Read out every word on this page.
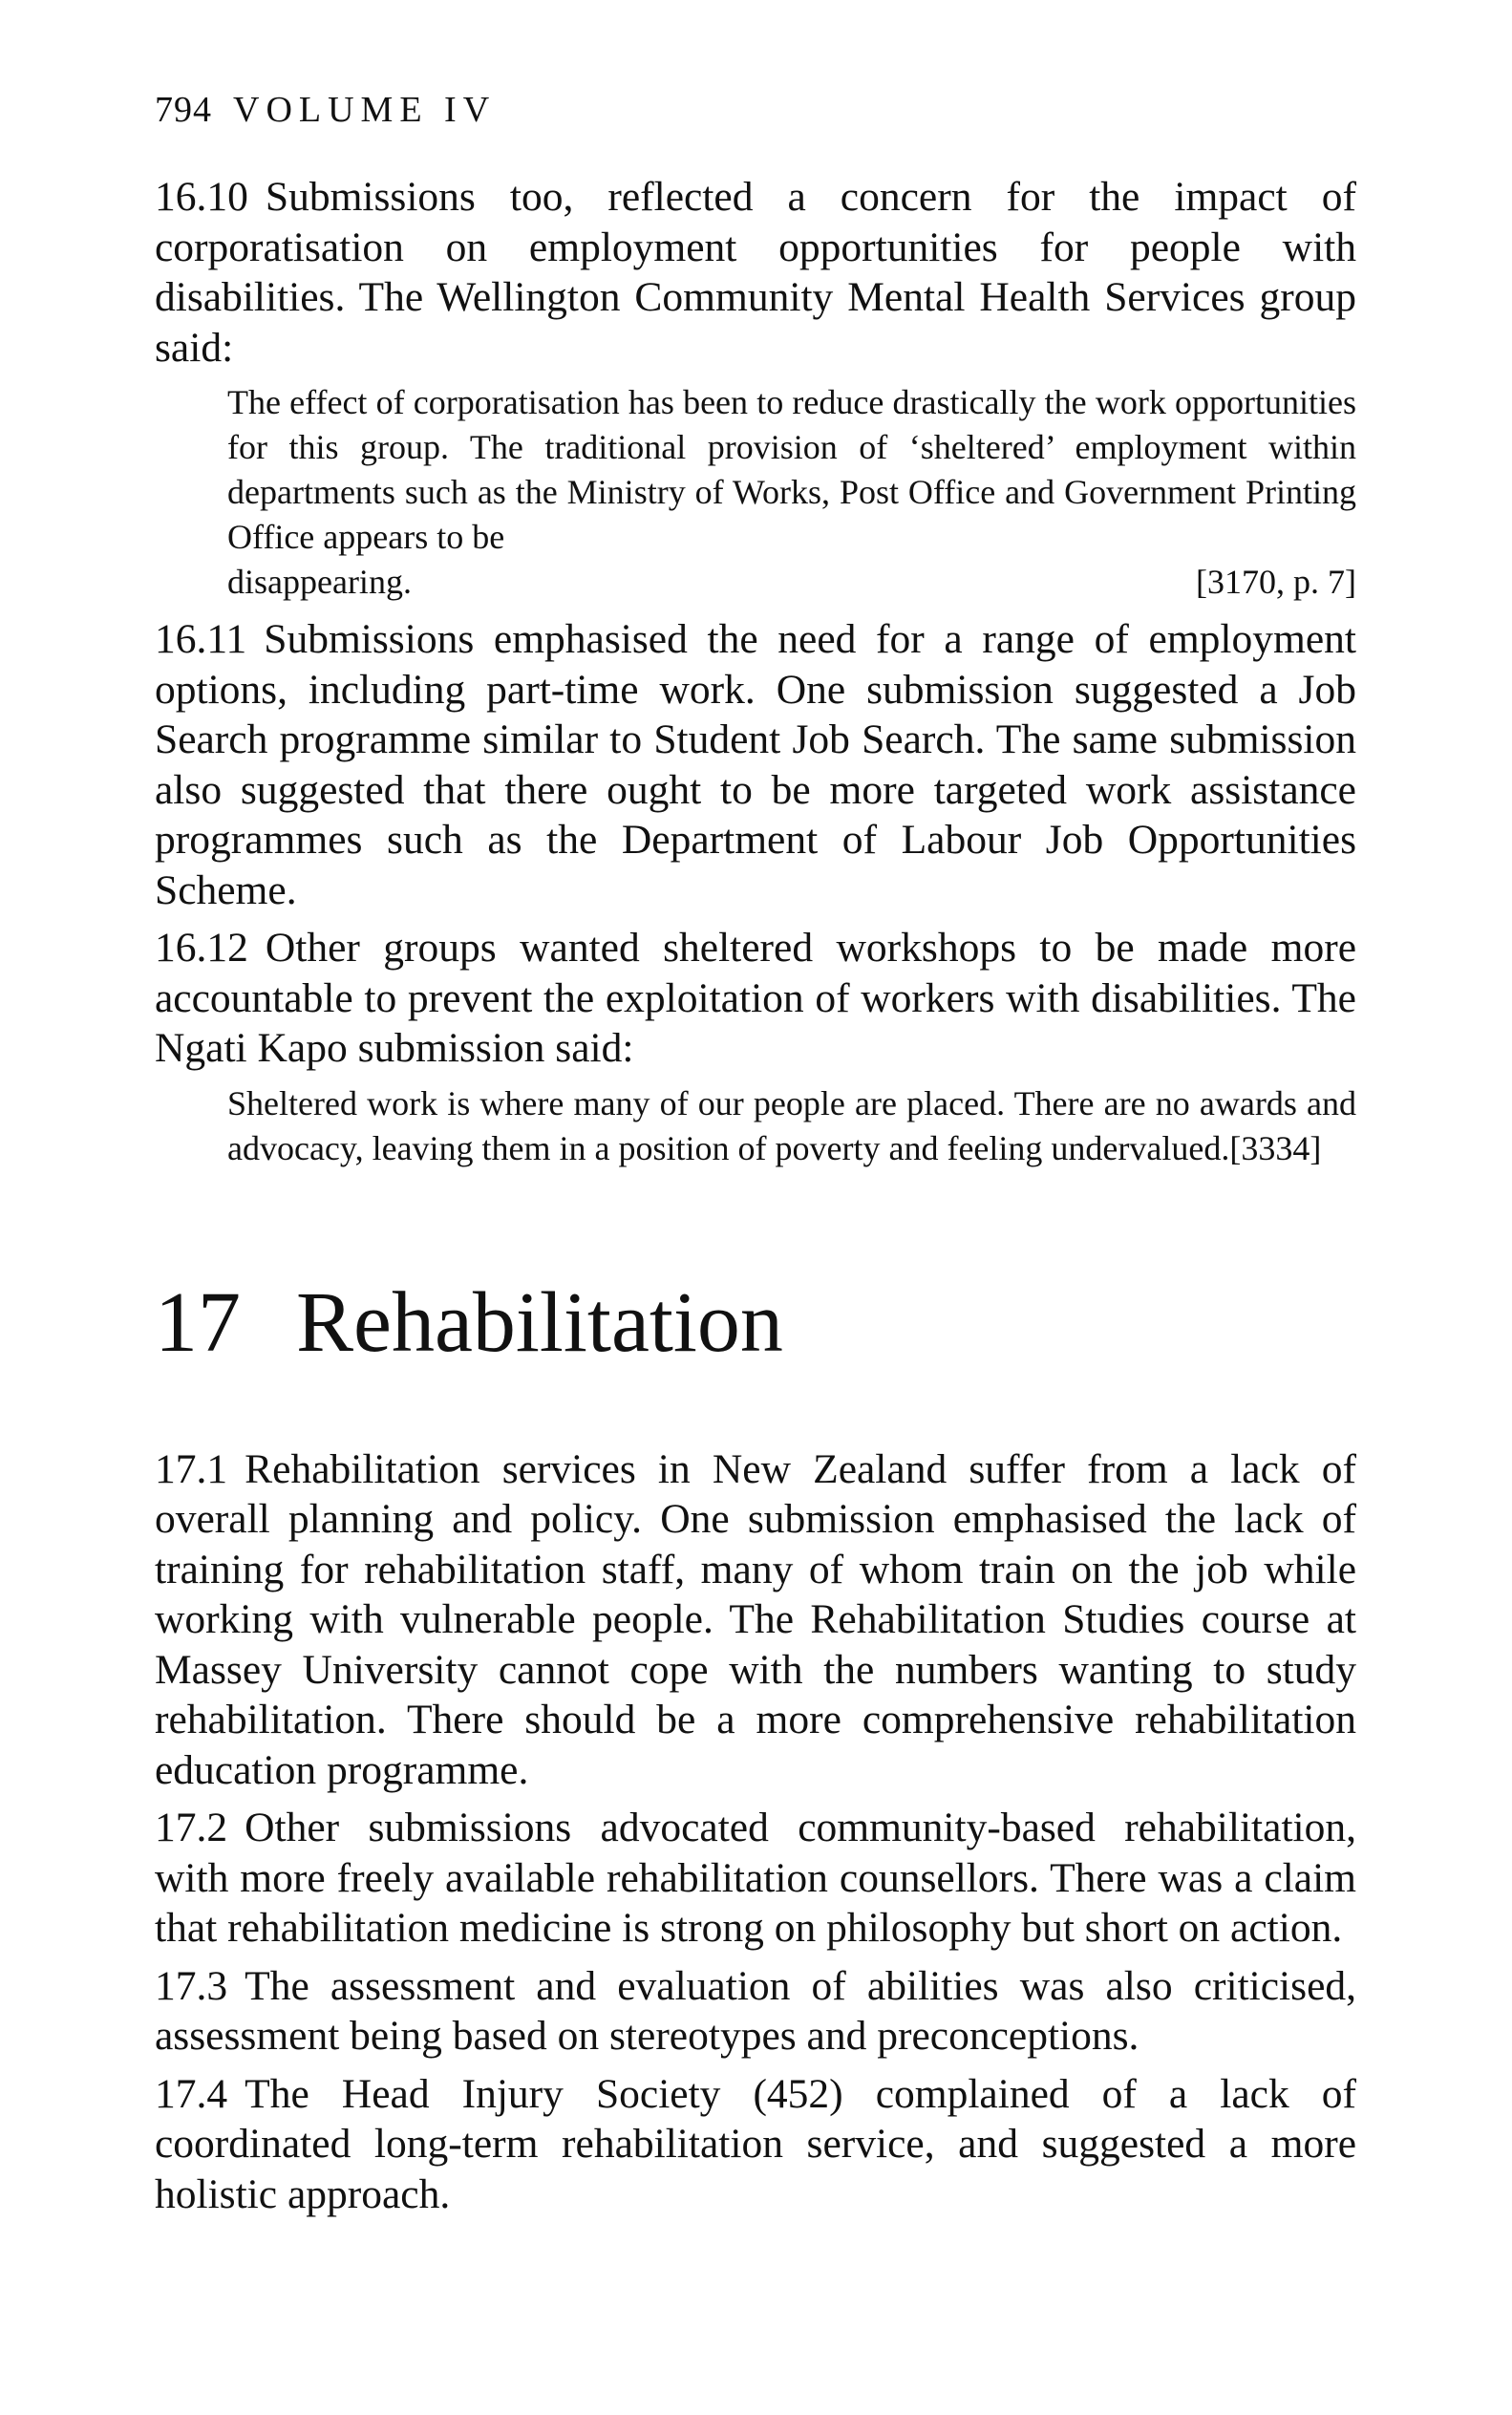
794 VOLUME IV
16.10 Submissions too, reflected a concern for the impact of corporatisation on employment opportunities for people with disabilities. The Wellington Community Mental Health Services group said:
The effect of corporatisation has been to reduce drastically the work opportunities for this group. The traditional provision of ‘sheltered’ employment within departments such as the Ministry of Works, Post Office and Government Printing Office appears to be
disappearing.	[3170, p. 7]
16.11 Submissions emphasised the need for a range of employment options, including part-time work. One submission suggested a Job Search programme similar to Student Job Search. The same submission also suggested that there ought to be more targeted work assistance programmes such as the Department of Labour Job Opportunities Scheme.
16.12 Other groups wanted sheltered workshops to be made more accountable to prevent the exploitation of workers with disabilities. The Ngati Kapo submission said:
Sheltered work is where many of our people are placed. There are no awards and advocacy, leaving them in a position of poverty and feeling undervalued.[3334]
17 Rehabilitation
17.1 Rehabilitation services in New Zealand suffer from a lack of overall planning and policy. One submission emphasised the lack of training for rehabilitation staff, many of whom train on the job while working with vulnerable people. The Rehabilitation Studies course at Massey University cannot cope with the numbers wanting to study rehabilitation. There should be a more comprehensive rehabilitation education programme.
17.2 Other submissions advocated community-based rehabilitation, with more freely available rehabilitation counsellors. There was a claim that rehabilitation medicine is strong on philosophy but short on action.
17.3 The assessment and evaluation of abilities was also criticised, assessment being based on stereotypes and preconceptions.
17.4 The Head Injury Society (452) complained of a lack of coordinated long-term rehabilitation service, and suggested a more holistic approach.
